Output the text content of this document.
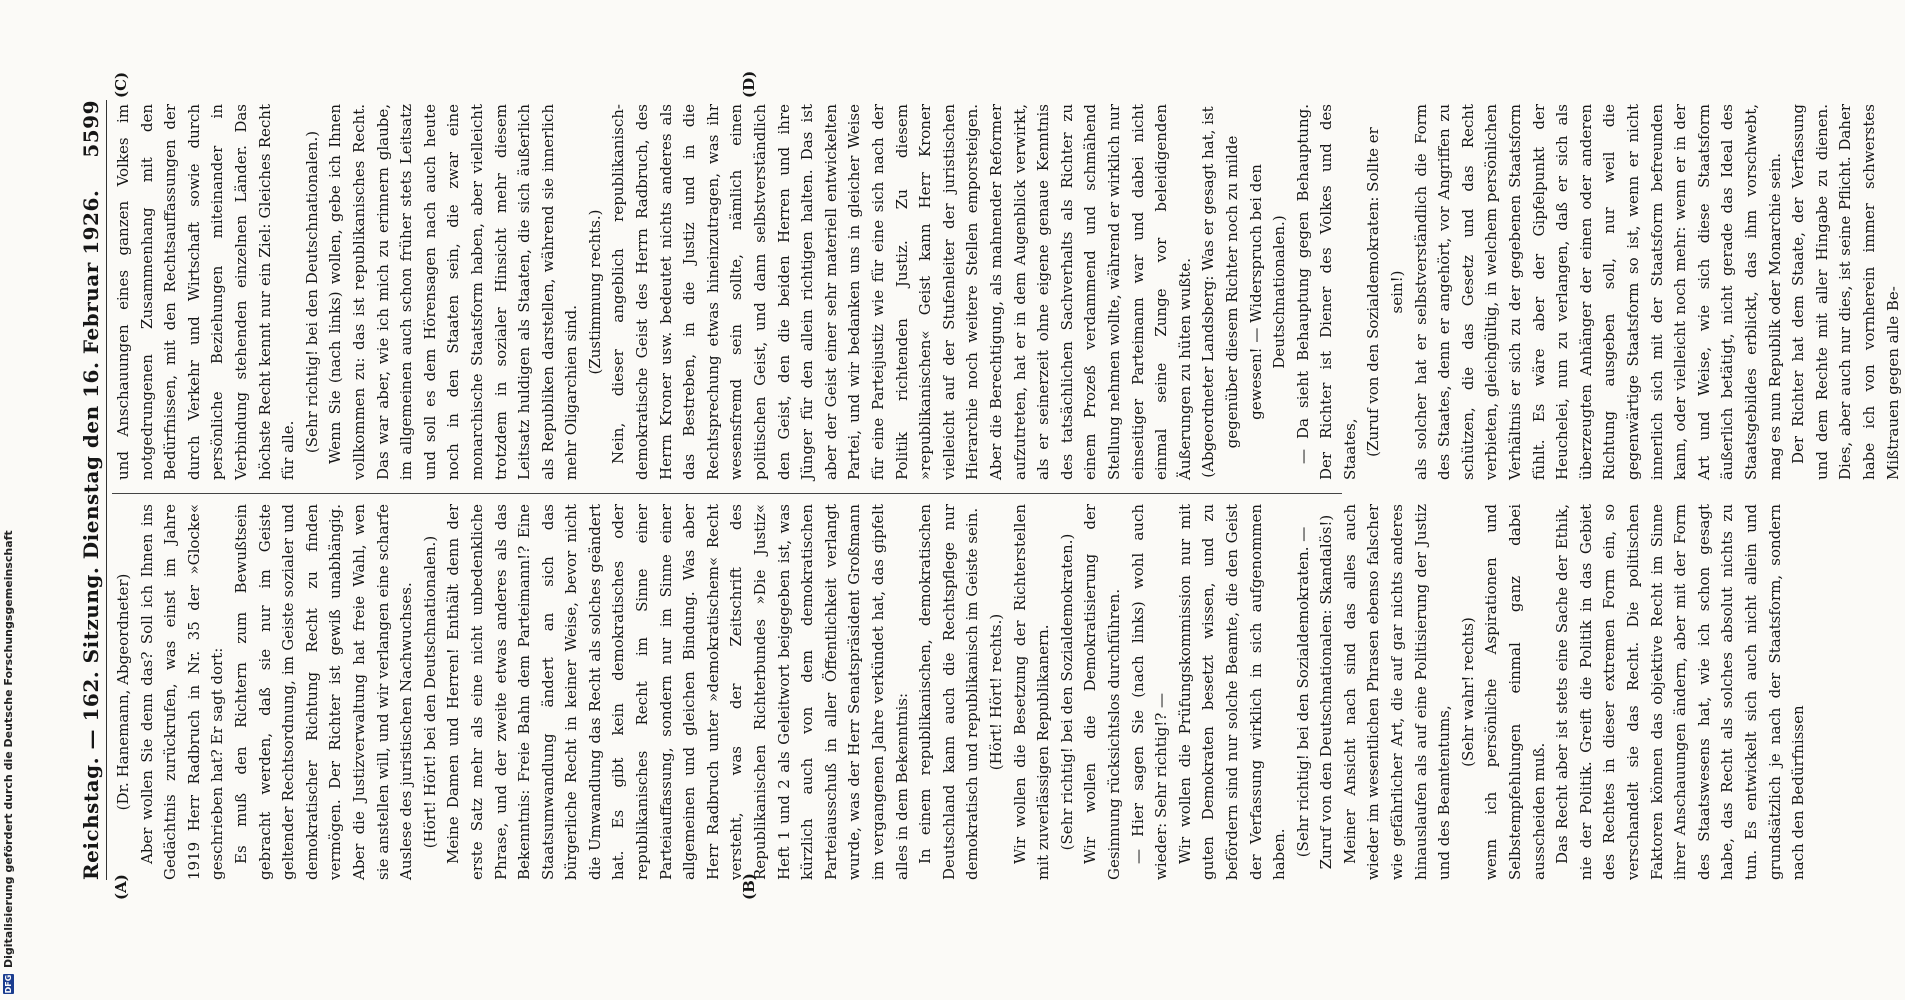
Reichstag. — 162. Sitzung. Dienstag den 16. Februar 1926.
5599
(A)	(B)
(C)	(D)

(Dr. Hanemann, Abgeordneter) Aber wollen Sie denn das? Soll ich Ihnen ins Gedächtnis zurückrufen, was einst im Jahre 1919 Herr Radbruch in Nr. 35 der »Glocke« geschrieben hat? Er sagt dort: Es muß den Richtern zum Bewußtsein gebracht werden, daß sie nur im Geiste geltender Rechtsordnung, im Geiste sozialer und demokratischer Richtung Recht zu finden vermögen. Der Richter ist gewiß unabhängig. Aber die Justizverwaltung hat freie Wahl, wen sie anstellen will, und wir verlangen eine scharfe Auslese des juristischen Nachwuchses. (Hört! Hört! bei den Deutschnationalen.) Meine Damen und Herren! Enthält denn der erste Satz mehr als eine nicht unbedenkliche Phrase, und der zweite etwas anderes als das Bekenntnis: Freie Bahn dem Parteimann!? Eine Staatsumwandlung ändert an sich das bürgerliche Recht in keiner Weise, bevor nicht die Umwandlung das Recht als solches geändert hat. Es gibt kein demokratisches oder republikanisches Recht im Sinne einer Parteiauffassung, sondern nur im Sinne einer allgemeinen und gleichen Bindung. Was aber Herr Radbruch unter »demokratischem« Recht versteht, was der Zeitschrift des Republikanischen Richterbundes »Die Justiz« Heft 1 und 2 als Geleitwort beigegeben ist, was kürzlich auch von dem demokratischen Parteiausschuß in aller Öffentlichkeit verlangt wurde, was der Herr Senatspräsident Großmann im vergangenen Jahre verkündet hat, das gipfelt alles in dem Bekenntnis: In einem republikanischen, demokratischen Deutschland kann auch die Rechtspflege nur demokratisch und republikanisch im Geiste sein. (Hört! Hört! rechts.) Wir wollen die Besetzung der Richterstellen mit zuverlässigen Republikanern. (Sehr richtig! bei den Sozialdemokraten.) Wir wollen die Demokratisierung der Gesinnung rücksichtslos durchführen. — Hier sagen Sie (nach links) wohl auch wieder: Sehr richtig!? — Wir wollen die Prüfungskommission nur mit guten Demokraten besetzt wissen, und zu befördern sind nur solche Beamte, die den Geist der Verfassung wirklich in sich aufgenommen haben. (Sehr richtig! bei den Sozialdemokraten. — Zuruf von den Deutschnationalen: Skandalös!) Meiner Ansicht nach sind das alles auch wieder im wesentlichen Phrasen ebenso falscher wie gefährlicher Art, die auf gar nichts anderes hinauslaufen als auf eine Politisierung der Justiz und des Beamtentums,

(Sehr wahr! rechts) wenn ich persönliche Aspirationen und Selbstempfehlungen einmal ganz dabei ausscheiden muß. Das Recht aber ist stets eine Sache der Ethik, nie der Politik. Greift die Politik in das Gebiet des Rechtes in dieser extremen Form ein, so verschandelt sie das Recht. Die politischen Faktoren können das objektive Recht im Sinne ihrer Anschauungen ändern, aber mit der Form des Staatswesens hat, wie ich schon gesagt habe, das Recht als solches absolut nichts zu tun. Es entwickelt sich auch nicht allein und grundsätzlich je nach der Staatsform, sondern nach den Bedürfnissen

und Anschauungen eines ganzen Volkes im notgedrungenen Zusammenhang mit den Bedürfnissen, mit den Rechtsauffassungen der durch Verkehr und Wirtschaft sowie durch persönliche Beziehungen miteinander in Verbindung stehenden einzelnen Länder. Das höchste Recht kennt nur ein Ziel: Gleiches Recht für alle. (Sehr richtig! bei den Deutschnationalen.) Wenn Sie (nach links) wollen, gebe ich Ihnen vollkommen zu: das ist republikanisches Recht. Das war aber, wie ich mich zu erinnern glaube, im allgemeinen auch schon früher stets Leitsatz und soll es dem Hörensagen nach auch heute noch in den Staaten sein, die zwar eine monarchische Staatsform haben, aber vielleicht trotzdem in sozialer Hinsicht mehr diesem Leitsatz huldigen als Staaten, die sich äußerlich als Republiken darstellen, während sie innerlich mehr Oligarchien sind.

(Zustimmung rechts.) Nein, dieser angeblich republikanisch-demokratische Geist des Herrn Radbruch, des Herrn Kroner usw. bedeutet nichts anderes als das Bestreben, in die Justiz und in die Rechtsprechung etwas hineinzutragen, was ihr wesensfremd sein sollte, nämlich einen politischen Geist, und dann selbstverständlich den Geist, den die beiden Herren und ihre Jünger für den allein richtigen halten. Das ist aber der Geist einer sehr materiell entwickelten Partei, und wir bedanken uns in gleicher Weise für eine Parteijustiz wie für eine sich nach der Politik richtenden Justiz. Zu diesem »republikanischen« Geist kann Herr Kroner vielleicht auf der Stufenleiter der juristischen Hierarchie noch weitere Stellen emporsteigen. Aber die Berechtigung, als mahnender Reformer aufzutreten, hat er in dem Augenblick verwirkt, als er seinerzeit ohne eigene genaue Kenntnis des tatsächlichen Sachverhalts als Richter zu einem Prozeß verdammend und schmähend Stellung nehmen wollte, während er wirklich nur einseitiger Parteimann war und dabei nicht einmal seine Zunge vor beleidigenden Äußerungen zu hüten wußte. (Abgeordneter Landsberg: Was er gesagt hat, ist gegenüber diesem Richter noch zu milde gewesen! — Widerspruch bei den Deutschnationalen.) — Da sieht Behauptung gegen Behauptung. Der Richter ist Diener des Volkes und des Staates, (Zuruf von den Sozialdemokraten: Sollte er sein!) als solcher hat er selbstverständlich die Form des Staates, denn er angehört, vor Angriffen zu schützen, die das Gesetz und das Recht verbieten, gleichgültig, in welchem persönlichen Verhältnis er sich zu der gegebenen Staatsform fühlt. Es wäre aber der Gipfelpunkt der Heuchelei, nun zu verlangen, daß er sich als überzeugten Anhänger der einen oder anderen Richtung ausgeben soll, nur weil die gegenwärtige Staatsform so ist, wenn er nicht innerlich sich mit der Staatsform befreunden kann, oder vielleicht noch mehr: wenn er in der Art und Weise, wie sich diese Staatsform äußerlich betätigt, nicht gerade das Ideal des Staatsgebildes erblickt, das ihm vorschwebt, mag es nun Republik oder Monarchie sein. Der Richter hat dem Staate, der Verfassung und dem Rechte mit aller Hingabe zu dienen. Dies, aber auch nur dies, ist seine Pflicht. Daher habe ich von vornherein immer schwerstes Mißtrauen gegen alle Be-

DFG
Digitalisierung gefördert durch die Deutsche Forschungsgemeinschaft
